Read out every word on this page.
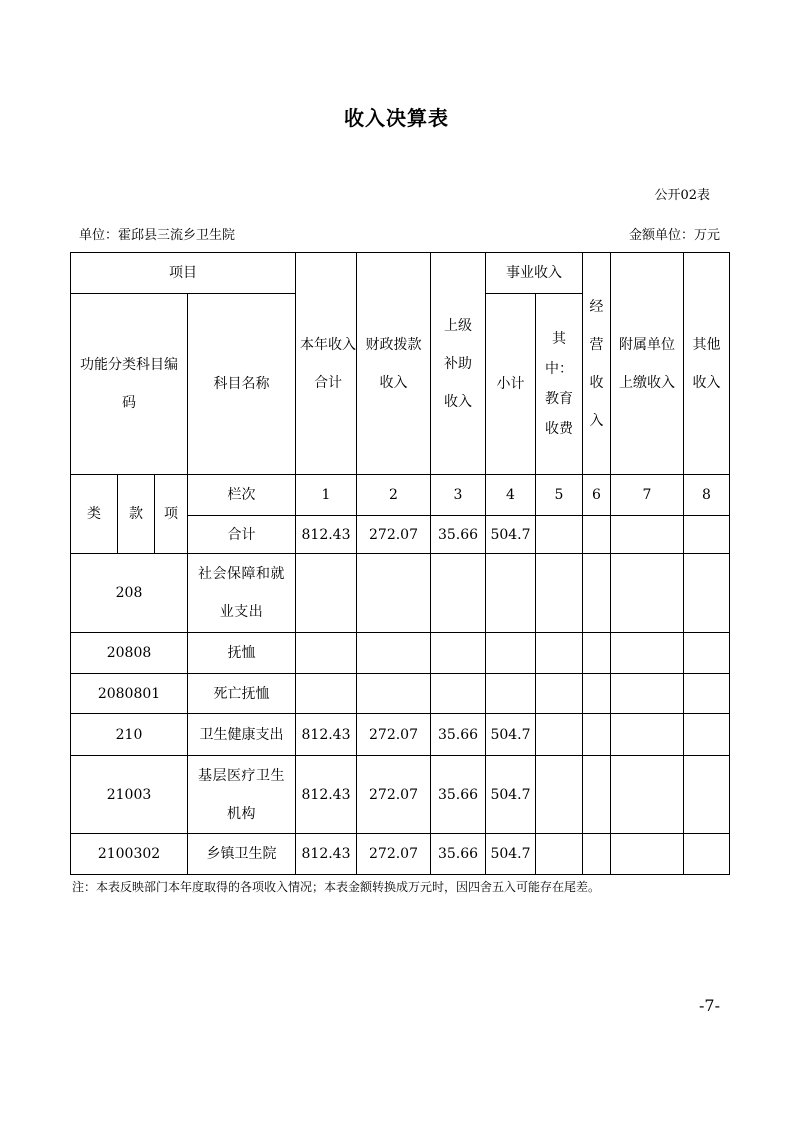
收入决算表
公开02表
单位：霍邱县三流乡卫生院	金额单位：万元
项目				本年收入合计	财政拨款收入	上级补助收入	事业收入		经营收入	附属单位上缴收入	其他收入

功能分类科目编码			科目名称				小计	其中：教育收费			

类	款	项	栏次	1	2	3	4	5	6	7	8
			合计	812.43	272.07	35.66	504.7				
208			社会保障和就业支出								

20808			抚恤								
2080801			死亡抚恤								
210			卫生健康支出	812.43	272.07	35.66	504.7				
21003			基层医疗卫生机构	812.43	272.07	35.66	504.7				
2100302			乡镇卫生院	812.43	272.07	35.66	504.7				
注：本表反映部门本年度取得的各项收入情况；本表金额转换成万元时，因四舍五入可能存在尾差。
-7-
